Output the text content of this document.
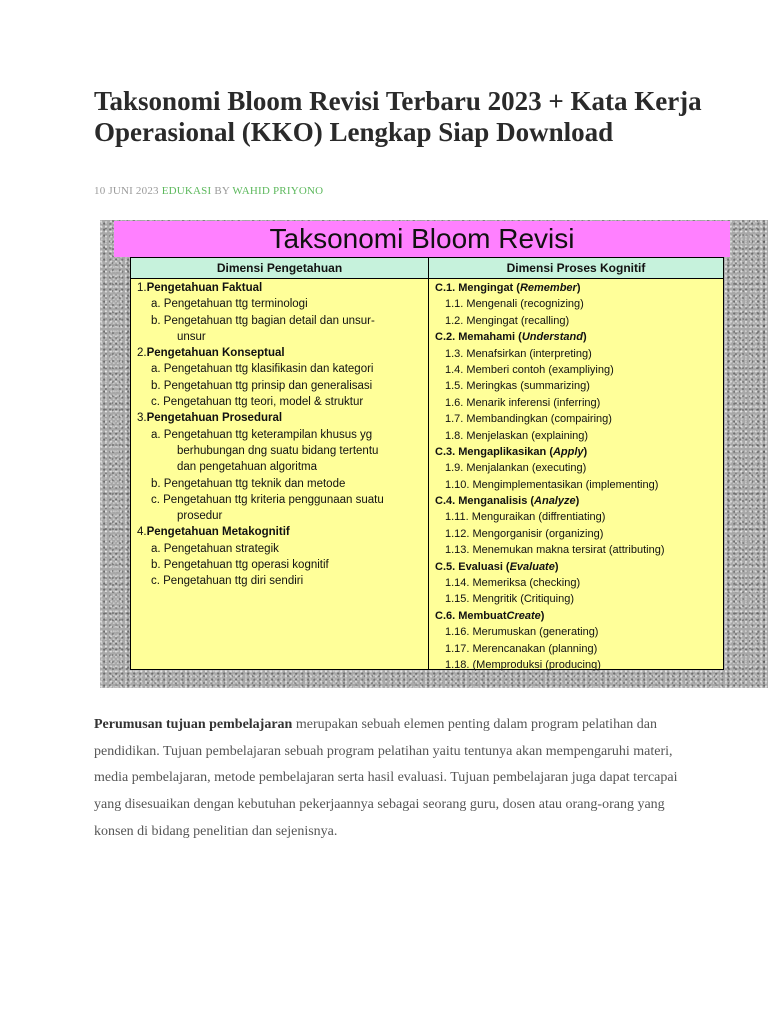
Taksonomi Bloom Revisi Terbaru 2023 + Kata Kerja Operasional (KKO) Lengkap Siap Download
10 JUNI 2023 EDUKASI BY WAHID PRIYONO
Taksonomi Bloom Revisi
Dimensi Pengetahuan	Dimensi Proses Kognitif
1. Pengetahuan Faktual
a. Pengetahuan ttg terminologi
b. Pengetahuan ttg bagian detail dan unsur-
unsur
2. Pengetahuan Konseptual
a. Pengetahuan ttg klasifikasin dan kategori
b. Pengetahuan ttg prinsip dan generalisasi
c. Pengetahuan ttg teori, model & struktur
3. Pengetahuan Prosedural
a. Pengetahuan ttg keterampilan khusus yg
berhubungan dng suatu bidang tertentu
dan pengetahuan algoritma
b. Pengetahuan ttg teknik dan metode
c. Pengetahuan ttg kriteria penggunaan suatu
prosedur
4. Pengetahuan Metakognitif
a. Pengetahuan strategik
b. Pengetahuan ttg operasi kognitif
c. Pengetahuan ttg diri sendiri
C.1. Mengingat ( Remember )
1.1. Mengenali (recognizing)
1.2. Mengingat (recalling)
C.2. Memahami ( Understand )
1.3. Menafsirkan (interpreting)
1.4. Memberi contoh (exampliying)
1.5. Meringkas (summarizing)
1.6. Menarik inferensi (inferring)
1.7. Membandingkan (compairing)
1.8. Menjelaskan (explaining)
C.3. Mengaplikasikan ( Apply )
1.9. Menjalankan (executing)
1.10. Mengimplementasikan (implementing)
C.4. Menganalisis ( Analyze )
1.11. Menguraikan (diffrentiating)
1.12. Mengorganisir (organizing)
1.13. Menemukan makna tersirat (attributing)
C.5. Evaluasi ( Evaluate )
1.14. Memeriksa (checking)
1.15. Mengritik (Critiquing)
C.6. Membuat Create )
1.16. Merumuskan (generating)
1.17. Merencanakan (planning)
1.18. (Memproduksi (producing)

Perumusan tujuan pembelajaran merupakan sebuah elemen penting dalam program pelatihan dan pendidikan. Tujuan pembelajaran sebuah program pelatihan yaitu tentunya akan mempengaruhi materi, media pembelajaran, metode pembelajaran serta hasil evaluasi. Tujuan pembelajaran juga dapat tercapai yang disesuaikan dengan kebutuhan pekerjaannya sebagai seorang guru, dosen atau orang-orang yang konsen di bidang penelitian dan sejenisnya.
